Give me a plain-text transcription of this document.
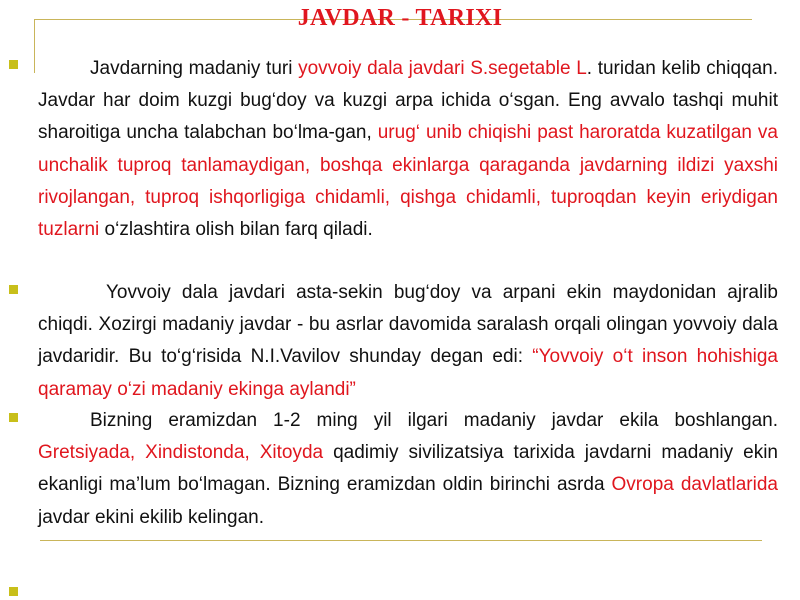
JAVDAR - TARIXI
Javdarning madaniy turi yovvoiy dala javdari S.segetable L. turidan kelib chiqqan. Javdar har doim kuzgi bug‘doy va kuzgi arpa ichida o‘sgan. Eng avvalo tashqi muhit sharoitiga uncha talabchan bo‘lma-gan, urug‘ unib chiqishi past haroratda kuzatilgan va unchalik tuproq tanlamaydigan, boshqa ekinlarga qaraganda javdarning ildizi yaxshi rivojlangan, tuproq ishqorligiga chidamli, qishga chidamli, tuproqdan keyin eriydigan tuzlarni o‘zlashtira olish bilan farq qiladi.
Yovvoiy dala javdari asta-sekin bug‘doy va arpani ekin maydonidan ajralib chiqdi. Xozirgi madaniy javdar - bu asrlar davomida saralash orqali olingan yovvoiy dala javdaridir. Bu to‘g‘risida N.I.Vavilov shunday degan edi: “Yovvoiy o‘t inson hohishiga qaramay o‘zi madaniy ekinga aylandi”
Bizning eramizdan 1-2 ming yil ilgari madaniy javdar ekila boshlangan. Gretsiyada, Xindistonda, Xitoyda qadimiy sivilizatsiya tarixida javdarni madaniy ekin ekanligi ma’lum bo‘lmagan. Bizning eramizdan oldin birinchi asrda Ovropa davlatlarida javdar ekini ekilib kelingan.
